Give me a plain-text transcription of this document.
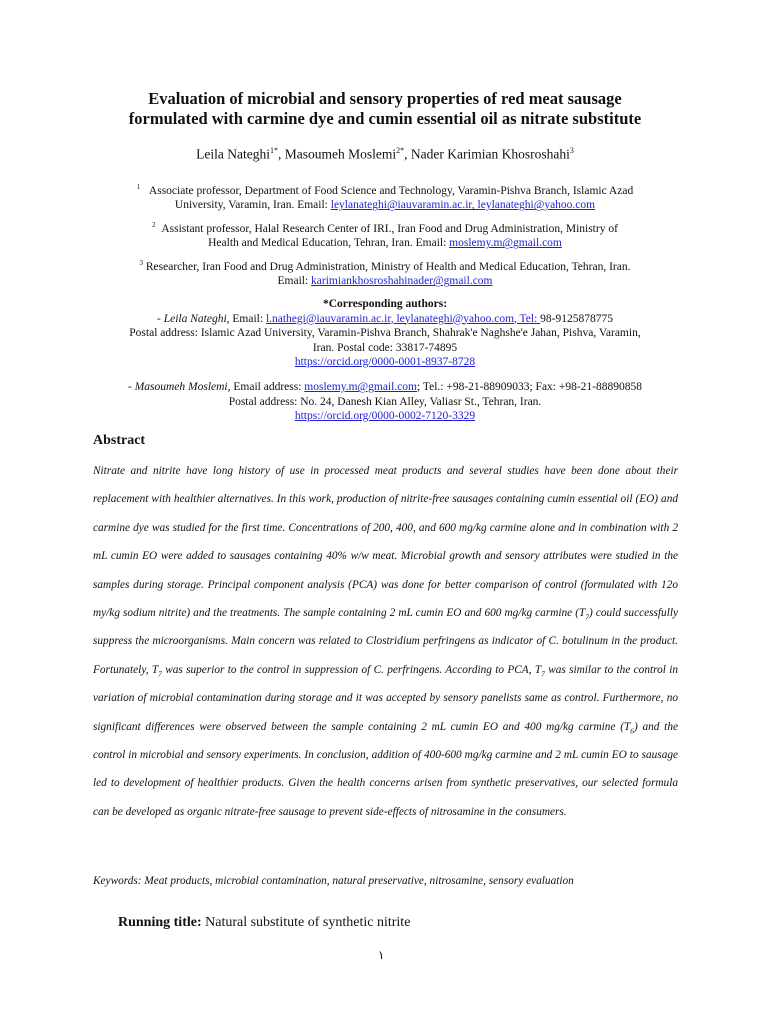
Evaluation of microbial and sensory properties of red meat sausage
formulated with carmine dye and cumin essential oil as nitrate substitute
Leila Nateghi$^{1*}$, Masoumeh Moslemi$^{2*}$, Nader Karimian Khosroshahi$^3$
$^1$ Associate professor, Department of Food Science and Technology, Varamin-Pishva Branch, Islamic Azad
University, Varamin, Iran. Email: leylanateghi@iauvaramin.ac.ir, leylanateghi@yahoo.com
$^2$ Assistant professor, Halal Research Center of IRI., Iran Food and Drug Administration, Ministry of
Health and Medical Education, Tehran, Iran. Email: moslemy.m@gmail.com
$^3$ Researcher, Iran Food and Drug Administration, Ministry of Health and Medical Education, Tehran, Iran.
Email: karimiankhosroshahinader@gmail.com
*Corresponding authors:
- Leila Nateghi, Email: l.nathegi@iauvaramin.ac.ir, leylanateghi@yahoo.com, Tel: 98-9125878775
Postal address: Islamic Azad University, Varamin-Pishva Branch, Shahrak'e Naghshe'e Jahan, Pishva, Varamin,
Iran. Postal code: 33817-74895
https://orcid.org/0000-0001-8937-8728
- Masoumeh Moslemi, Email address: moslemy.m@gmail.com; Tel.: +98-21-88909033; Fax: +98-21-88890858
Postal address: No. 24, Danesh Kian Alley, Valiasr St., Tehran, Iran.
https://orcid.org/0000-0002-7120-3329
Abstract
Nitrate and nitrite have long history of use in processed meat products and several studies have been done about their replacement with healthier alternatives. In this work, production of nitrite-free sausages containing cumin essential oil (EO) and carmine dye was studied for the first time. Concentrations of 200, 400, and 600 mg/kg carmine alone and in combination with 2 mL cumin EO were added to sausages containing 40% w/w meat. Microbial growth and sensory attributes were studied in the samples during storage. Principal component analysis (PCA) was done for better comparison of control (formulated with 12o my/kg sodium nitrite) and the treatments. The sample containing 2 mL cumin EO and 600 mg/kg carmine $(T_7)$ could successfully suppress the microorganisms. Main concern was related to Clostridium perfringens as indicator of C. botulinum in the product. Fortunately, $T_7$ was superior to the control in suppression of C. perfringens. According to PCA, $T_7$ was similar to the control in variation of microbial contamination during storage and it was accepted by sensory panelists same as control. Furthermore, no significant differences were observed between the sample containing 2 mL cumin EO and 400 mg/kg carmine $(T_6)$ and the control in microbial and sensory experiments. In conclusion, addition of 400-600 mg/kg carmine and 2 mL cumin EO to sausage led to development of healthier products. Given the health concerns arisen from synthetic preservatives, our selected formula can be developed as organic nitrate-free sausage to prevent side-effects of nitrosamine in the consumers.
Keywords: Meat products, microbial contamination, natural preservative, nitrosamine, sensory evaluation
Running title: Natural substitute of synthetic nitrite
١
